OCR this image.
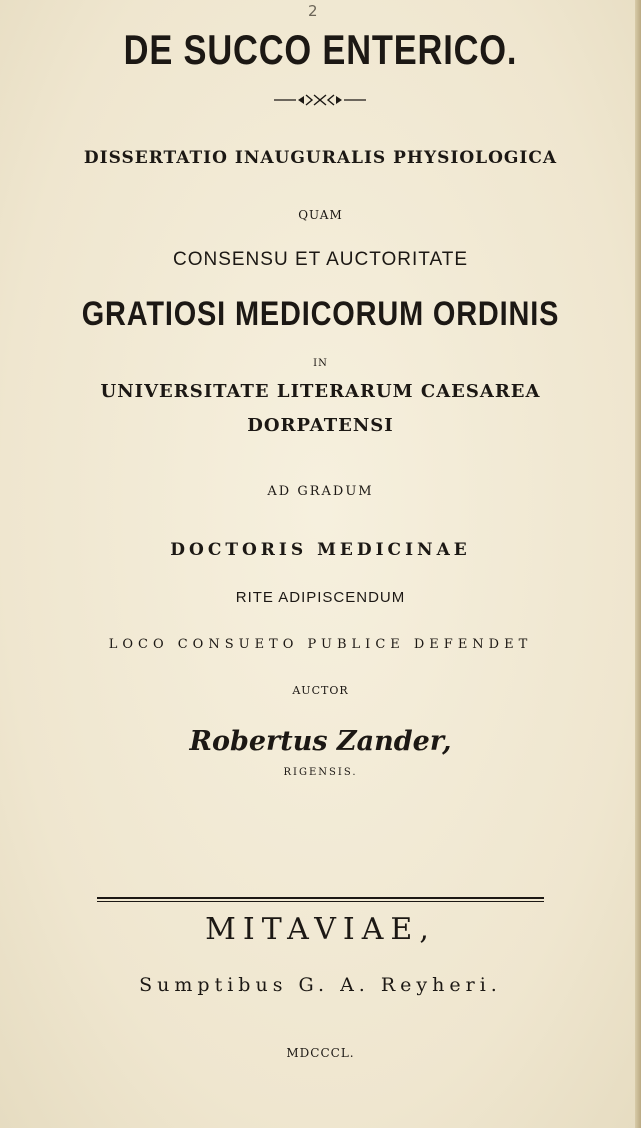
2
DE SUCCO ENTERICO.
DISSERTATIO INAUGURALIS PHYSIOLOGICA
QUAM
CONSENSU ET AUCTORITATE
GRATIOSI MEDICORUM ORDINIS
IN
UNIVERSITATE LITERARUM CAESAREA
DORPATENSI
AD GRADUM
DOCTORIS MEDICINAE
RITE ADIPISCENDUM
LOCO CONSUETO PUBLICE DEFENDET
AUCTOR
Robertus Zander,
RIGENSIS.
MITAVIAE,
Sumptibus G. A. Reyheri.
MDCCCL.
